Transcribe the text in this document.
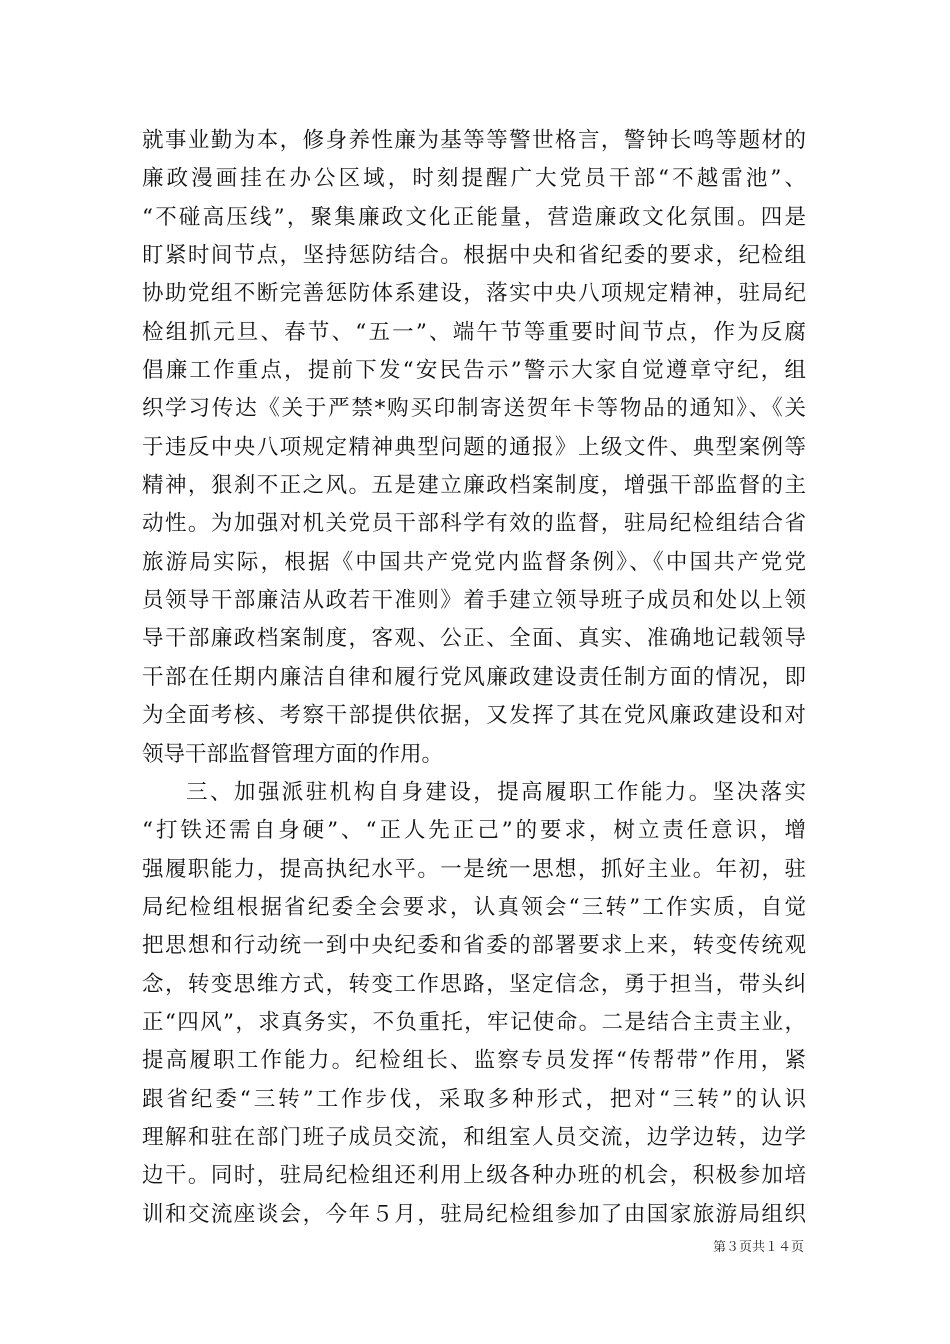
就事业勤为本，修身养性廉为基等等警世格言，警钟长鸣等题材的
廉政漫画挂在办公区域，时刻提醒广大党员干部“不越雷池”、
“不碰高压线”，聚集廉政文化正能量，营造廉政文化氛围。四是
盯紧时间节点，坚持惩防结合。根据中央和省纪委的要求，纪检组
协助党组不断完善惩防体系建设，落实中央八项规定精神，驻局纪
检组抓元旦、春节、“五一”、端午节等重要时间节点，作为反腐
倡廉工作重点，提前下发“安民告示”警示大家自觉遵章守纪，组
织学习传达《关于严禁*购买印制寄送贺年卡等物品的通知》、《关
于违反中央八项规定精神典型问题的通报》上级文件、典型案例等
精神，狠刹不正之风。五是建立廉政档案制度，增强干部监督的主
动性。为加强对机关党员干部科学有效的监督，驻局纪检组结合省
旅游局实际，根据《中国共产党党内监督条例》、《中国共产党党
员领导干部廉洁从政若干准则》着手建立领导班子成员和处以上领
导干部廉政档案制度，客观、公正、全面、真实、准确地记载领导
干部在任期内廉洁自律和履行党风廉政建设责任制方面的情况，即
为全面考核、考察干部提供依据，又发挥了其在党风廉政建设和对
领导干部监督管理方面的作用。
三、加强派驻机构自身建设，提高履职工作能力。坚决落实
“打铁还需自身硬”、“正人先正己”的要求，树立责任意识，增
强履职能力，提高执纪水平。一是统一思想，抓好主业。年初，驻
局纪检组根据省纪委全会要求，认真领会“三转”工作实质，自觉
把思想和行动统一到中央纪委和省委的部署要求上来，转变传统观
念，转变思维方式，转变工作思路，坚定信念，勇于担当，带头纠
正“四风”，求真务实，不负重托，牢记使命。二是结合主责主业，
提高履职工作能力。纪检组长、监察专员发挥“传帮带”作用，紧
跟省纪委“三转”工作步伐，采取多种形式，把对“三转”的认识
理解和驻在部门班子成员交流，和组室人员交流，边学边转，边学
边干。同时，驻局纪检组还利用上级各种办班的机会，积极参加培
训和交流座谈会，今年５月，驻局纪检组参加了由国家旅游局组织
第３页共１４页
